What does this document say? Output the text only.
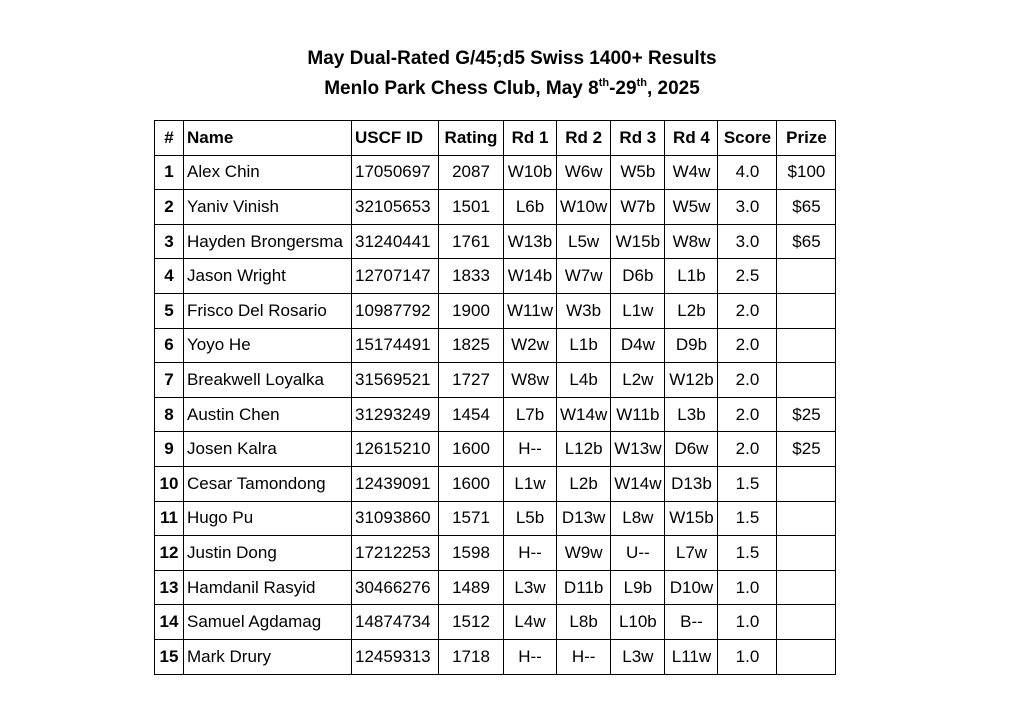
May Dual-Rated G/45;d5 Swiss 1400+ Results
Menlo Park Chess Club, May 8th-29th, 2025
#	Name	USCF ID	Rating	Rd 1	Rd 2	Rd 3	Rd 4	Score	Prize
1	Alex Chin	17050697	2087	W10b	W6w	W5b	W4w	4.0	$100
2	Yaniv Vinish	32105653	1501	L6b	W10w	W7b	W5w	3.0	$65
3	Hayden Brongersma	31240441	1761	W13b	L5w	W15b	W8w	3.0	$65
4	Jason Wright	12707147	1833	W14b	W7w	D6b	L1b	2.5	
5	Frisco Del Rosario	10987792	1900	W11w	W3b	L1w	L2b	2.0	
6	Yoyo He	15174491	1825	W2w	L1b	D4w	D9b	2.0	
7	Breakwell Loyalka	31569521	1727	W8w	L4b	L2w	W12b	2.0	
8	Austin Chen	31293249	1454	L7b	W14w	W11b	L3b	2.0	$25
9	Josen Kalra	12615210	1600	H--	L12b	W13w	D6w	2.0	$25
10	Cesar Tamondong	12439091	1600	L1w	L2b	W14w	D13b	1.5	
11	Hugo Pu	31093860	1571	L5b	D13w	L8w	W15b	1.5	
12	Justin Dong	17212253	1598	H--	W9w	U--	L7w	1.5	
13	Hamdanil Rasyid	30466276	1489	L3w	D11b	L9b	D10w	1.0	
14	Samuel Agdamag	14874734	1512	L4w	L8b	L10b	B--	1.0	
15	Mark Drury	12459313	1718	H--	H--	L3w	L11w	1.0	
